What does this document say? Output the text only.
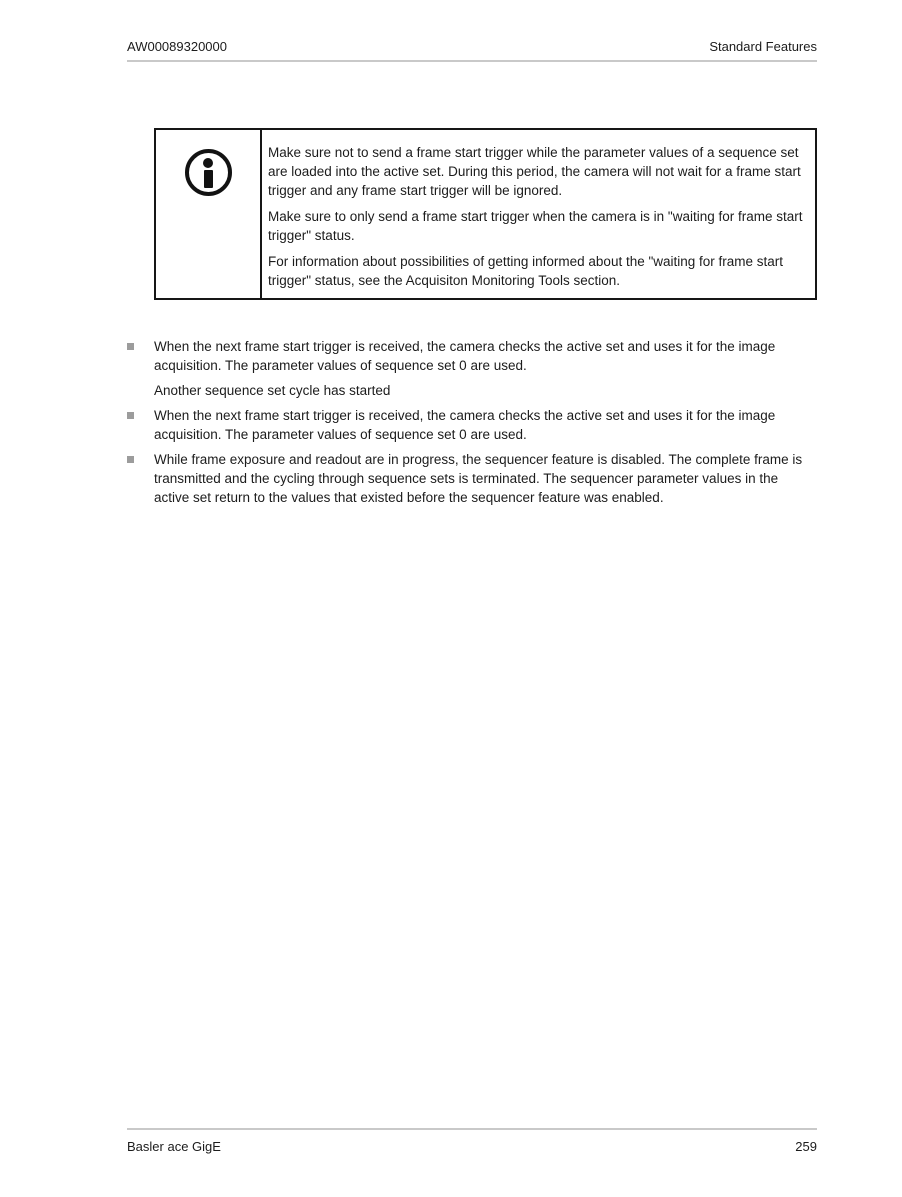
AW00089320000	Standard Features

Make sure not to send a frame start trigger while the parameter values of a sequence set are loaded into the active set. During this period, the camera will not wait for a frame start trigger and any frame start trigger will be ignored.

Make sure to only send a frame start trigger when the camera is in "waiting for frame start trigger" status.

For information about possibilities of getting informed about the "waiting for frame start trigger" status, see the Acquisiton Monitoring Tools section.

When the next frame start trigger is received, the camera checks the active set and uses it for the image acquisition. The parameter values of sequence set 0 are used.
Another sequence set cycle has started
When the next frame start trigger is received, the camera checks the active set and uses it for the image acquisition. The parameter values of sequence set 0 are used.
While frame exposure and readout are in progress, the sequencer feature is disabled. The complete frame is transmitted and the cycling through sequence sets is terminated. The sequencer parameter values in the active set return to the values that existed before the sequencer feature was enabled.
Basler ace GigE	259
